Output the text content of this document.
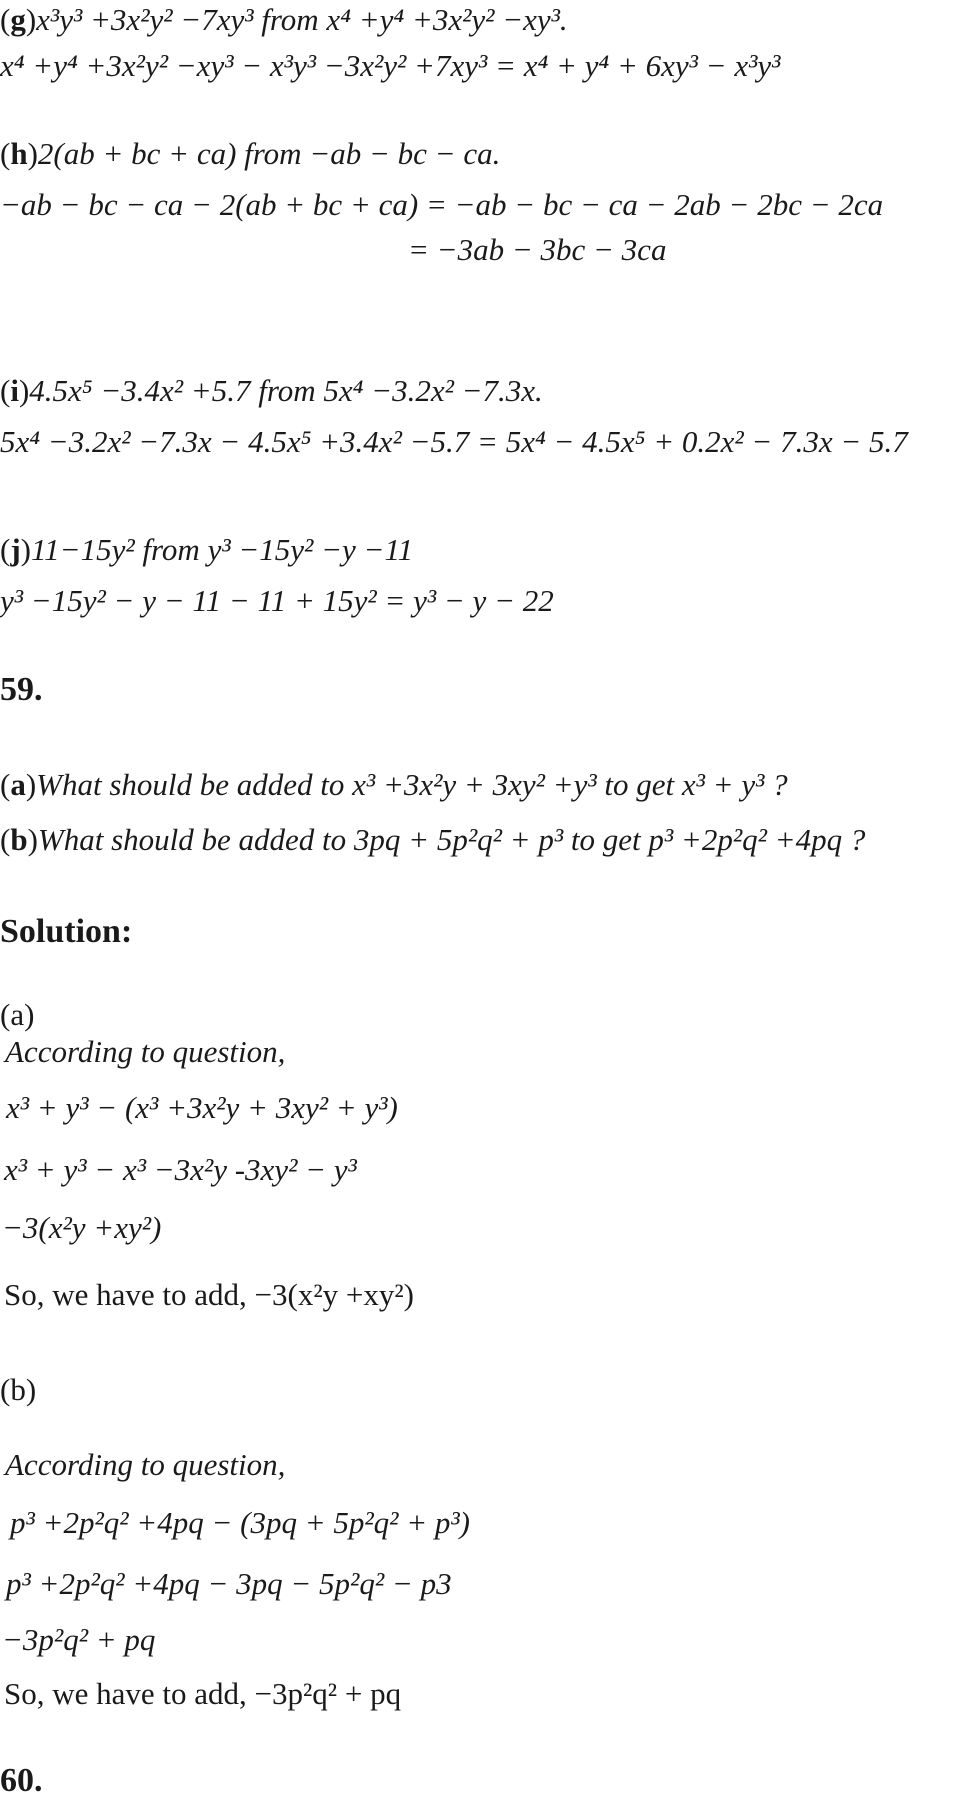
(g)x³y³ +3x²y² −7xy³ from x⁴ +y⁴ +3x²y² −xy³.
x⁴ +y⁴ +3x²y² −xy³ − x³y³ −3x²y² +7xy³ = x⁴ + y⁴ + 6xy³ − x³y³
(h)2(ab + bc + ca) from −ab − bc − ca.
−ab − bc − ca − 2(ab + bc + ca) = −ab − bc − ca − 2ab − 2bc − 2ca
= −3ab − 3bc − 3ca
(i)4.5x⁵ −3.4x² +5.7 from 5x⁴ −3.2x² −7.3x.
5x⁴ −3.2x² −7.3x − 4.5x⁵ +3.4x² −5.7 = 5x⁴ − 4.5x⁵ + 0.2x² − 7.3x − 5.7
(j)11−15y² from y³ −15y² −y −11
y³ −15y² − y − 11 − 11 + 15y² = y³ − y − 22
59.
(a)What should be added to x³ +3x²y + 3xy² +y³ to get x³ + y³ ?
(b)What should be added to 3pq + 5p²q² + p³ to get p³ +2p²q² +4pq ?
Solution:
(a)
According to question,
x³ + y³ − (x³ +3x²y + 3xy² + y³)
x³ + y³ − x³ −3x²y -3xy² − y³
−3(x²y +xy²)
So, we have to add, −3(x²y +xy²)
(b)
According to question,
p³ +2p²q² +4pq − (3pq + 5p²q² + p³)
p³ +2p²q² +4pq − 3pq − 5p²q² − p3
−3p²q² + pq
So, we have to add, −3p²q² + pq
60.
